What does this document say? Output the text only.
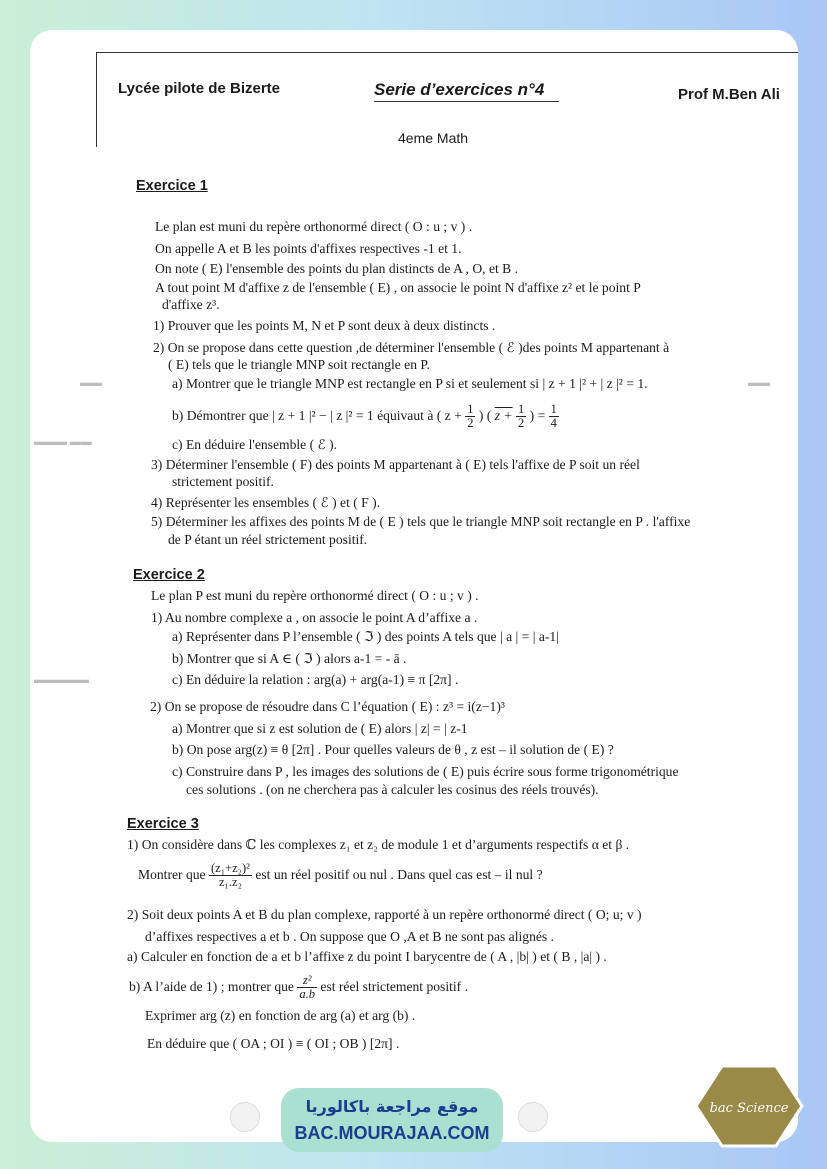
Lycée pilote de Bizerte	Serie d’exercices n°4	Prof M.Ben Ali
4eme Math
Exercice 1
Le plan est muni du repère orthonormé direct ( O : u ; v ) .
On appelle A et B les points d'affixes respectives -1 et 1.
On note ( E) l'ensemble des points du plan distincts de A , O, et B .
A tout point M d'affixe z de l'ensemble ( E) , on associe le point N d'affixe z² et le point P
d'affixe z³.
1) Prouver que les points M, N et P sont deux à deux distincts .
2) On se propose dans cette question ,de déterminer l'ensemble ( ℰ )des points M appartenant à
( E) tels que le triangle MNP soit rectangle en P.
a) Montrer que le triangle MNP est rectangle en P si et seulement si | z + 1 |² + | z |² = 1.
b) Démontrer que | z + 1 |² − | z |² = 1 équivaut à ( $z + \frac{1}{2}$ ) ( $z + \frac{1}{2}$ ) = $\frac{1}{4}$
c) En déduire l'ensemble ( ℰ ).
3) Déterminer l'ensemble ( F) des points M appartenant à ( E) tels l'affixe de P soit un réel
strictement positif.
4) Représenter les ensembles ( ℰ ) et ( F ).
5) Déterminer les affixes des points M de ( E ) tels que le triangle MNP soit rectangle en P . l'affixe
de P étant un réel strictement positif.
Exercice 2
Le plan P est muni du repère orthonormé direct ( O : u ; v ) .
1) Au nombre complexe a , on associe le point A d’affixe a .
a) Représenter dans P l’ensemble ( ℑ ) des points A tels que | a | = | a-1|
b) Montrer que si A ∈ ( ℑ ) alors a-1 = - ā .
c) En déduire la relation : arg(a) + arg(a-1) ≡ π [2π] .
2) On se propose de résoudre dans C l’équation ( E) : z³ = i(z−1)³
a) Montrer que si z est solution de ( E) alors | z| = | z-1
b) On pose arg(z) ≡ θ [2π] . Pour quelles valeurs de θ , z est – il solution de ( E) ?
c) Construire dans P , les images des solutions de ( E) puis écrire sous forme trigonométrique
ces solutions . (on ne cherchera pas à calculer les cosinus des réels trouvés).
Exercice 3
1) On considère dans ℂ les complexes z₁ et z₂ de module 1 et d’arguments respectifs α et β .
Montrer que $\frac{\text{(z₁+z₂)²}}{\text{z₁.z₂}}$ est un réel positif ou nul . Dans quel cas est – il nul ?
2) Soit deux points A et B du plan complexe, rapporté à un repère orthonormé direct ( O; u; v )
d’affixes respectives a et b . On suppose que O ,A et B ne sont pas alignés .
a) Calculer en fonction de a et b l’affixe z du point I barycentre de ( A , |b| ) et ( B , |a| ) .
b) A l’aide de 1) ; montrer que $\frac{\text{z²}}{a.b}$ est réel strictement positif .
Exprimer arg (z) en fonction de arg (a) et arg (b) .
En déduire que ( OA ; OI ) ≡ ( OI ; OB ) [2π] .
▬▬	▬▬
▬▬▬ ▬▬
▬▬▬▬▬
موقع مراجعة باكالوريا
BAC.MOURAJAA.COM
bac Science
